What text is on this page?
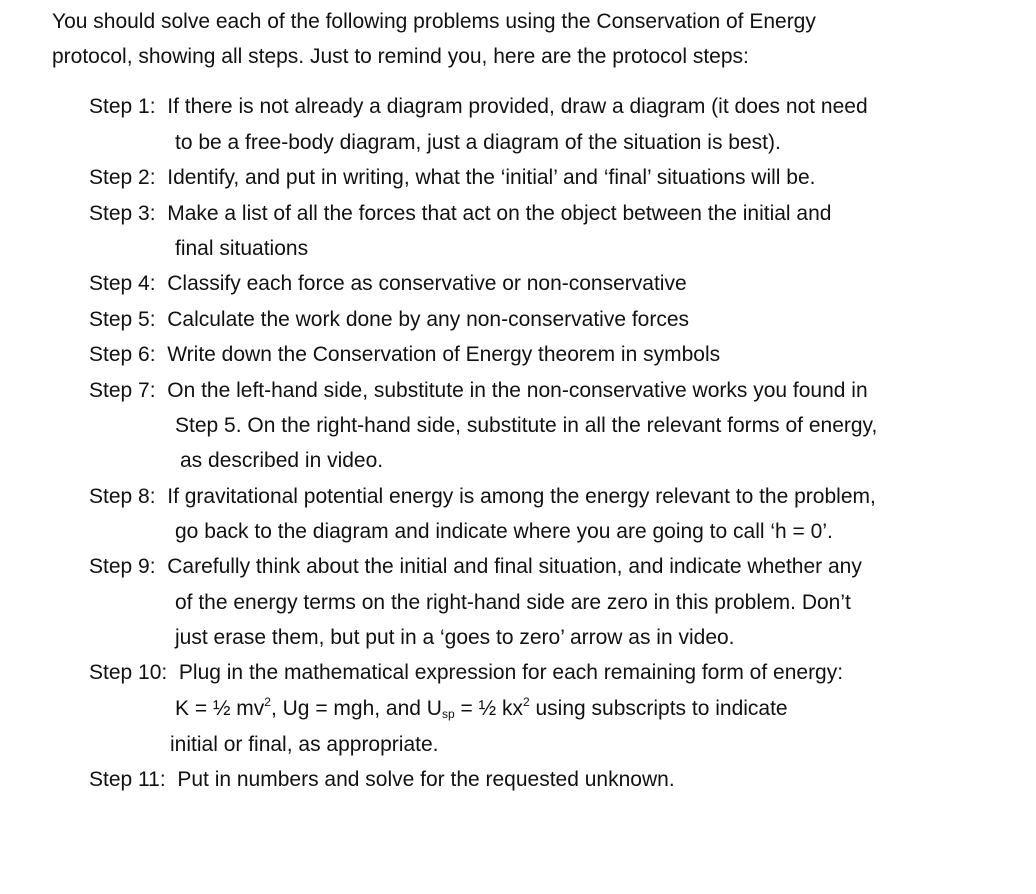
You should solve each of the following problems using the Conservation of Energy
protocol, showing all steps. Just to remind you, here are the protocol steps:

Step 1: If there is not already a diagram provided, draw a diagram (it does not need
to be a free-body diagram, just a diagram of the situation is best).
Step 2: Identify, and put in writing, what the ‘initial’ and ‘final’ situations will be.
Step 3: Make a list of all the forces that act on the object between the initial and
final situations
Step 4: Classify each force as conservative or non-conservative
Step 5: Calculate the work done by any non-conservative forces
Step 6: Write down the Conservation of Energy theorem in symbols
Step 7: On the left-hand side, substitute in the non-conservative works you found in
Step 5. On the right-hand side, substitute in all the relevant forms of energy,
as described in video.
Step 8: If gravitational potential energy is among the energy relevant to the problem,
go back to the diagram and indicate where you are going to call ‘h = 0’.
Step 9: Carefully think about the initial and final situation, and indicate whether any
of the energy terms on the right-hand side are zero in this problem. Don’t
just erase them, but put in a ‘goes to zero’ arrow as in video.
Step 10: Plug in the mathematical expression for each remaining form of energy:
K = ½ $mv^2$, Ug = mgh, and $U_{sp}$ = ½ $kx^2$ using subscripts to indicate
initial or final, as appropriate.
Step 11: Put in numbers and solve for the requested unknown.
